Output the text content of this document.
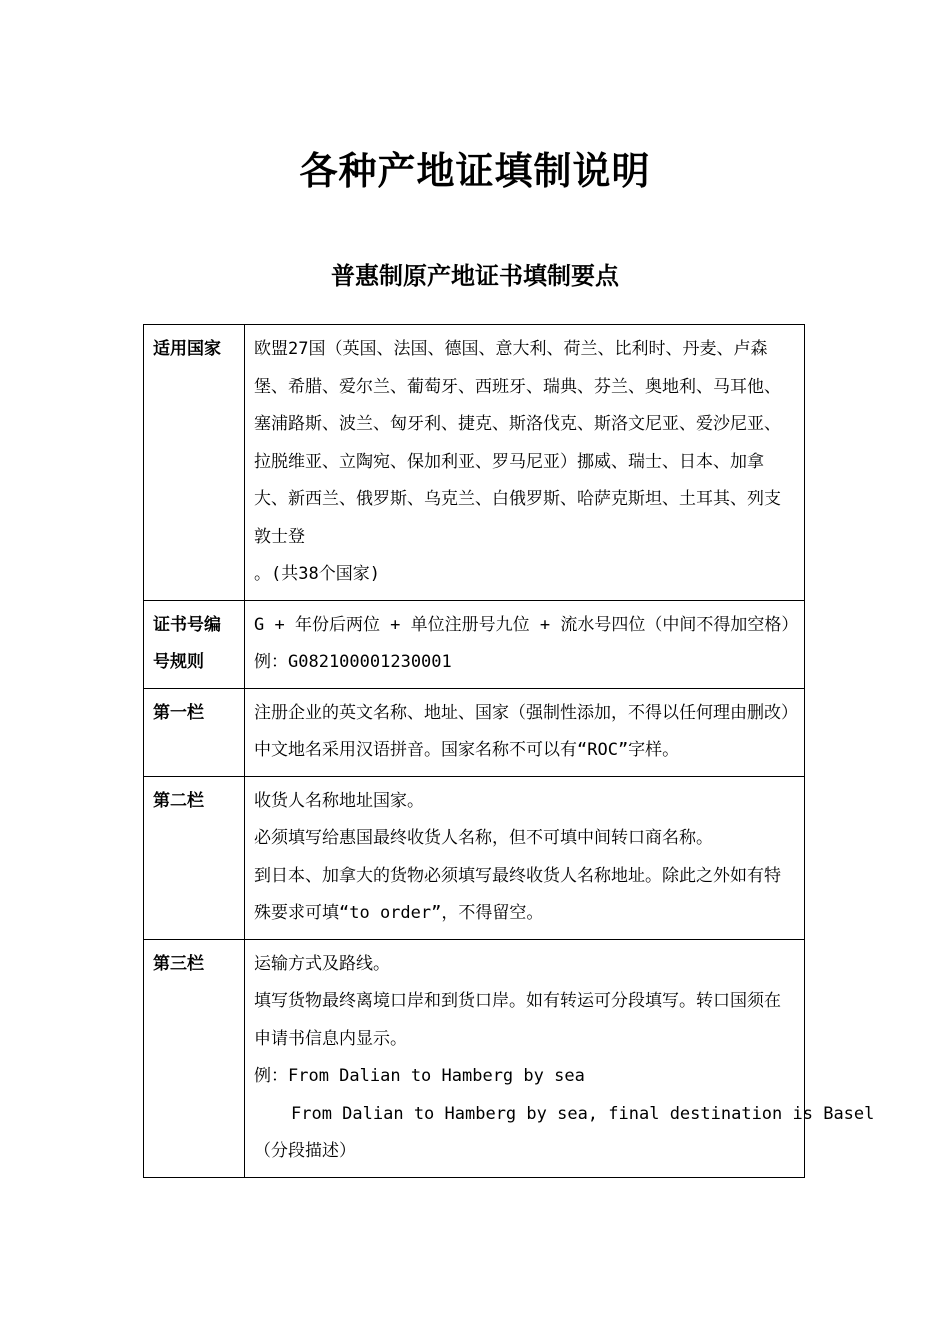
各种产地证填制说明
普惠制原产地证书填制要点
适用国家	欧盟27国（英国、法国、德国、意大利、荷兰、比利时、丹麦、卢森堡、希腊、爱尔兰、葡萄牙、西班牙、瑞典、芬兰、奥地利、马耳他、塞浦路斯、波兰、匈牙利、捷克、斯洛伐克、斯洛文尼亚、爱沙尼亚、拉脱维亚、立陶宛、保加利亚、罗马尼亚）挪威、瑞士、日本、加拿大、新西兰、俄罗斯、乌克兰、白俄罗斯、哈萨克斯坦、土耳其、列支敦士登
。(共38个国家)

证书号编号规则	G + 年份后两位 + 单位注册号九位 + 流水号四位（中间不得加空格）
例：G082100001230001

第一栏	注册企业的英文名称、地址、国家（强制性添加，不得以任何理由删改）
中文地名采用汉语拼音。国家名称不可以有“ROC”字样。

第二栏	收货人名称地址国家。
必须填写给惠国最终收货人名称，但不可填中间转口商名称。
到日本、加拿大的货物必须填写最终收货人名称地址。除此之外如有特殊要求可填“to order”，不得留空。

第三栏	运输方式及路线。
填写货物最终离境口岸和到货口岸。如有转运可分段填写。转口国须在申请书信息内显示。
例：From Dalian to Hamberg by sea
From Dalian to Hamberg by sea, final destination is Basel
（分段描述）
